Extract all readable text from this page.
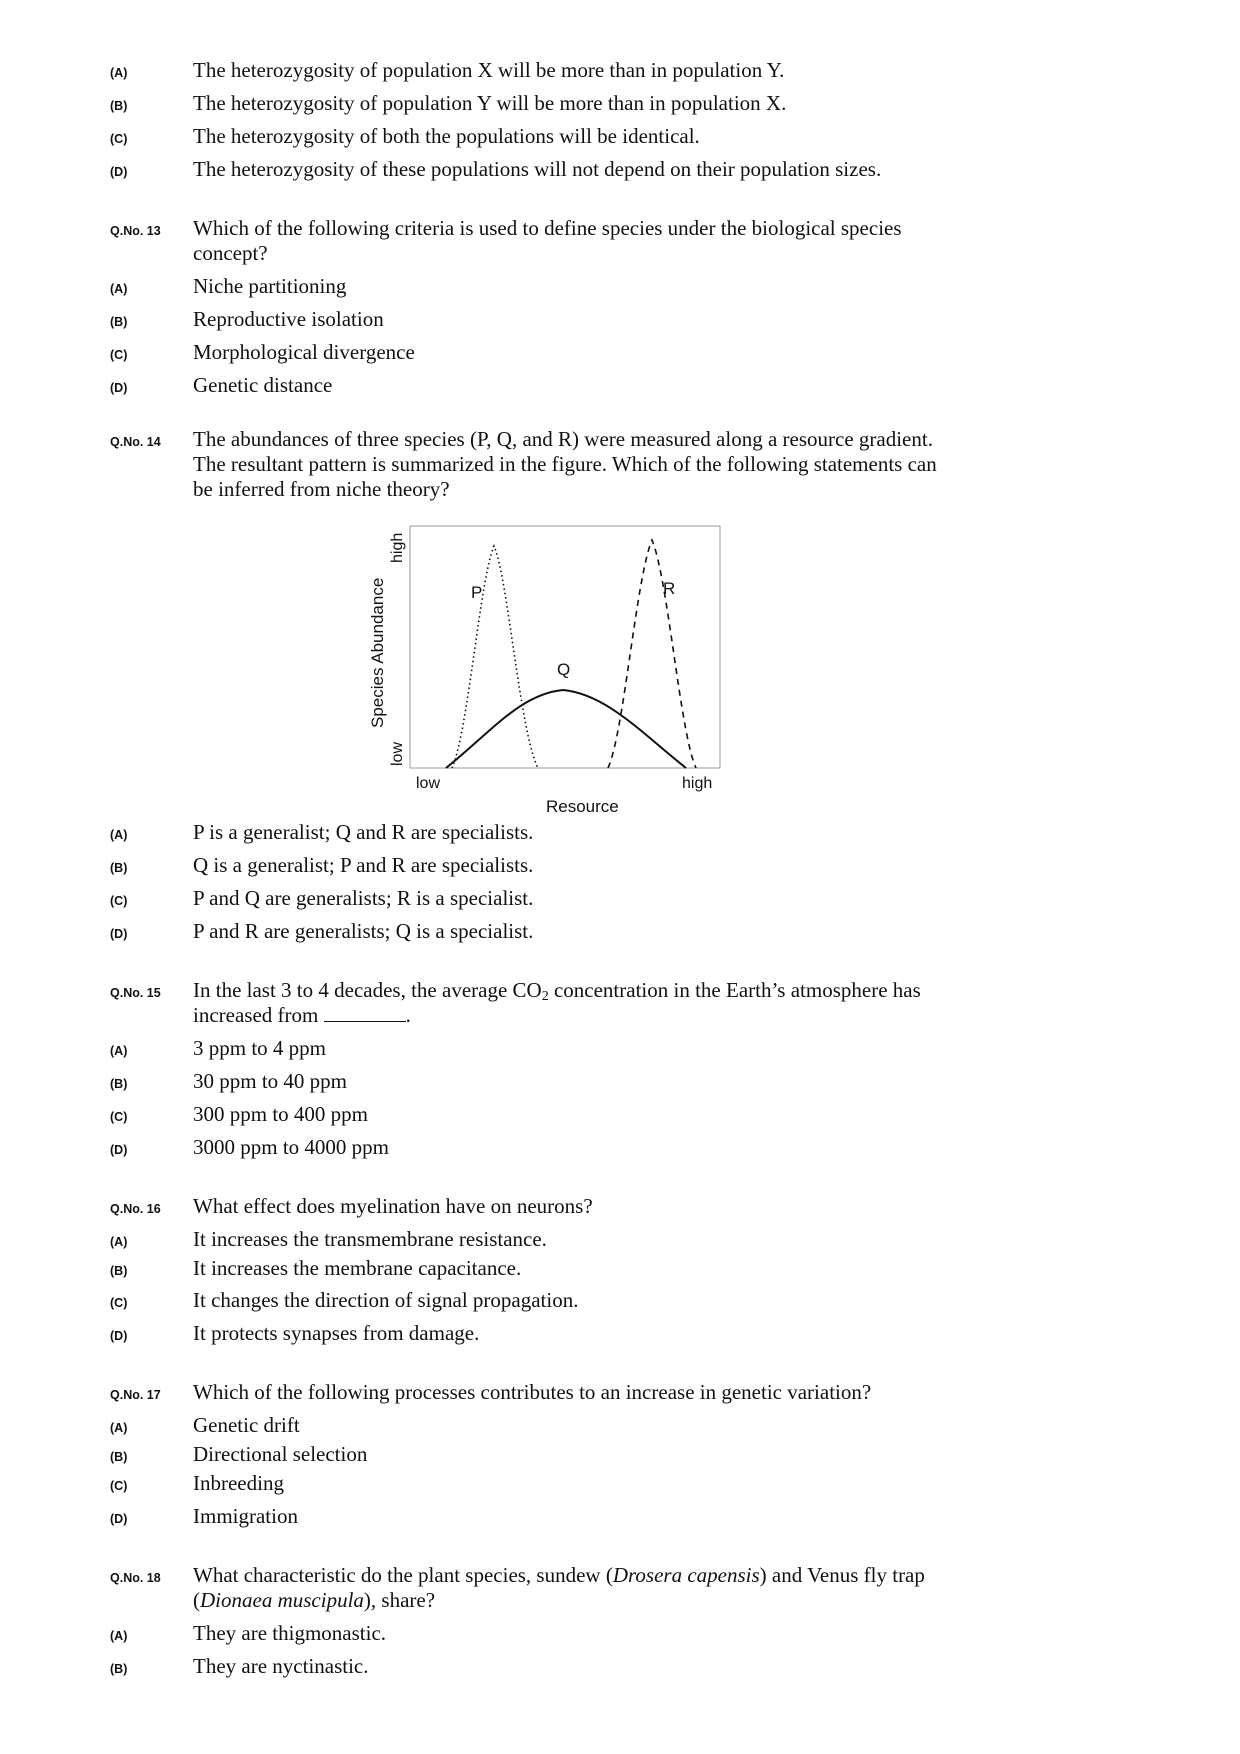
(A)	The heterozygosity of population X will be more than in population Y.
(B)	The heterozygosity of population Y will be more than in population X.
(C)	The heterozygosity of both the populations will be identical.
(D)	The heterozygosity of these populations will not depend on their population sizes.
Q.No. 13 Which of the following criteria is used to define species under the biological species concept?
(A)	Niche partitioning
(B)	Reproductive isolation
(C)	Morphological divergence
(D)	Genetic distance
Q.No. 14 The abundances of three species (P, Q, and R) were measured along a resource gradient. The resultant pattern is summarized in the figure. Which of the following statements can be inferred from niche theory?
P
Q
R
Species Abundance
low
high
low	high
Resource
(A)	P is a generalist; Q and R are specialists.
(B)	Q is a generalist; P and R are specialists.
(C)	P and Q are generalists; R is a specialist.
(D)	P and R are generalists; Q is a specialist.
Q.No. 15 In the last 3 to 4 decades, the average $CO_2$ concentration in the Earth’s atmosphere has increased from	.
(A)	3 ppm to 4 ppm
(B)	30 ppm to 40 ppm
(C)	300 ppm to 400 ppm
(D)	3000 ppm to 4000 ppm
Q.No. 16 What effect does myelination have on neurons?
(A)	It increases the transmembrane resistance.
(B)	It increases the membrane capacitance.
(C)	It changes the direction of signal propagation.
(D)	It protects synapses from damage.
Q.No. 17 Which of the following processes contributes to an increase in genetic variation?
(A)	Genetic drift
(B)	Directional selection
(C)	Inbreeding
(D)	Immigration
Q.No. 18 What characteristic do the plant species, sundew (Drosera capensis) and Venus fly trap (Dionaea muscipula), share?
(A)	They are thigmonastic.
(B)	They are nyctinastic.
